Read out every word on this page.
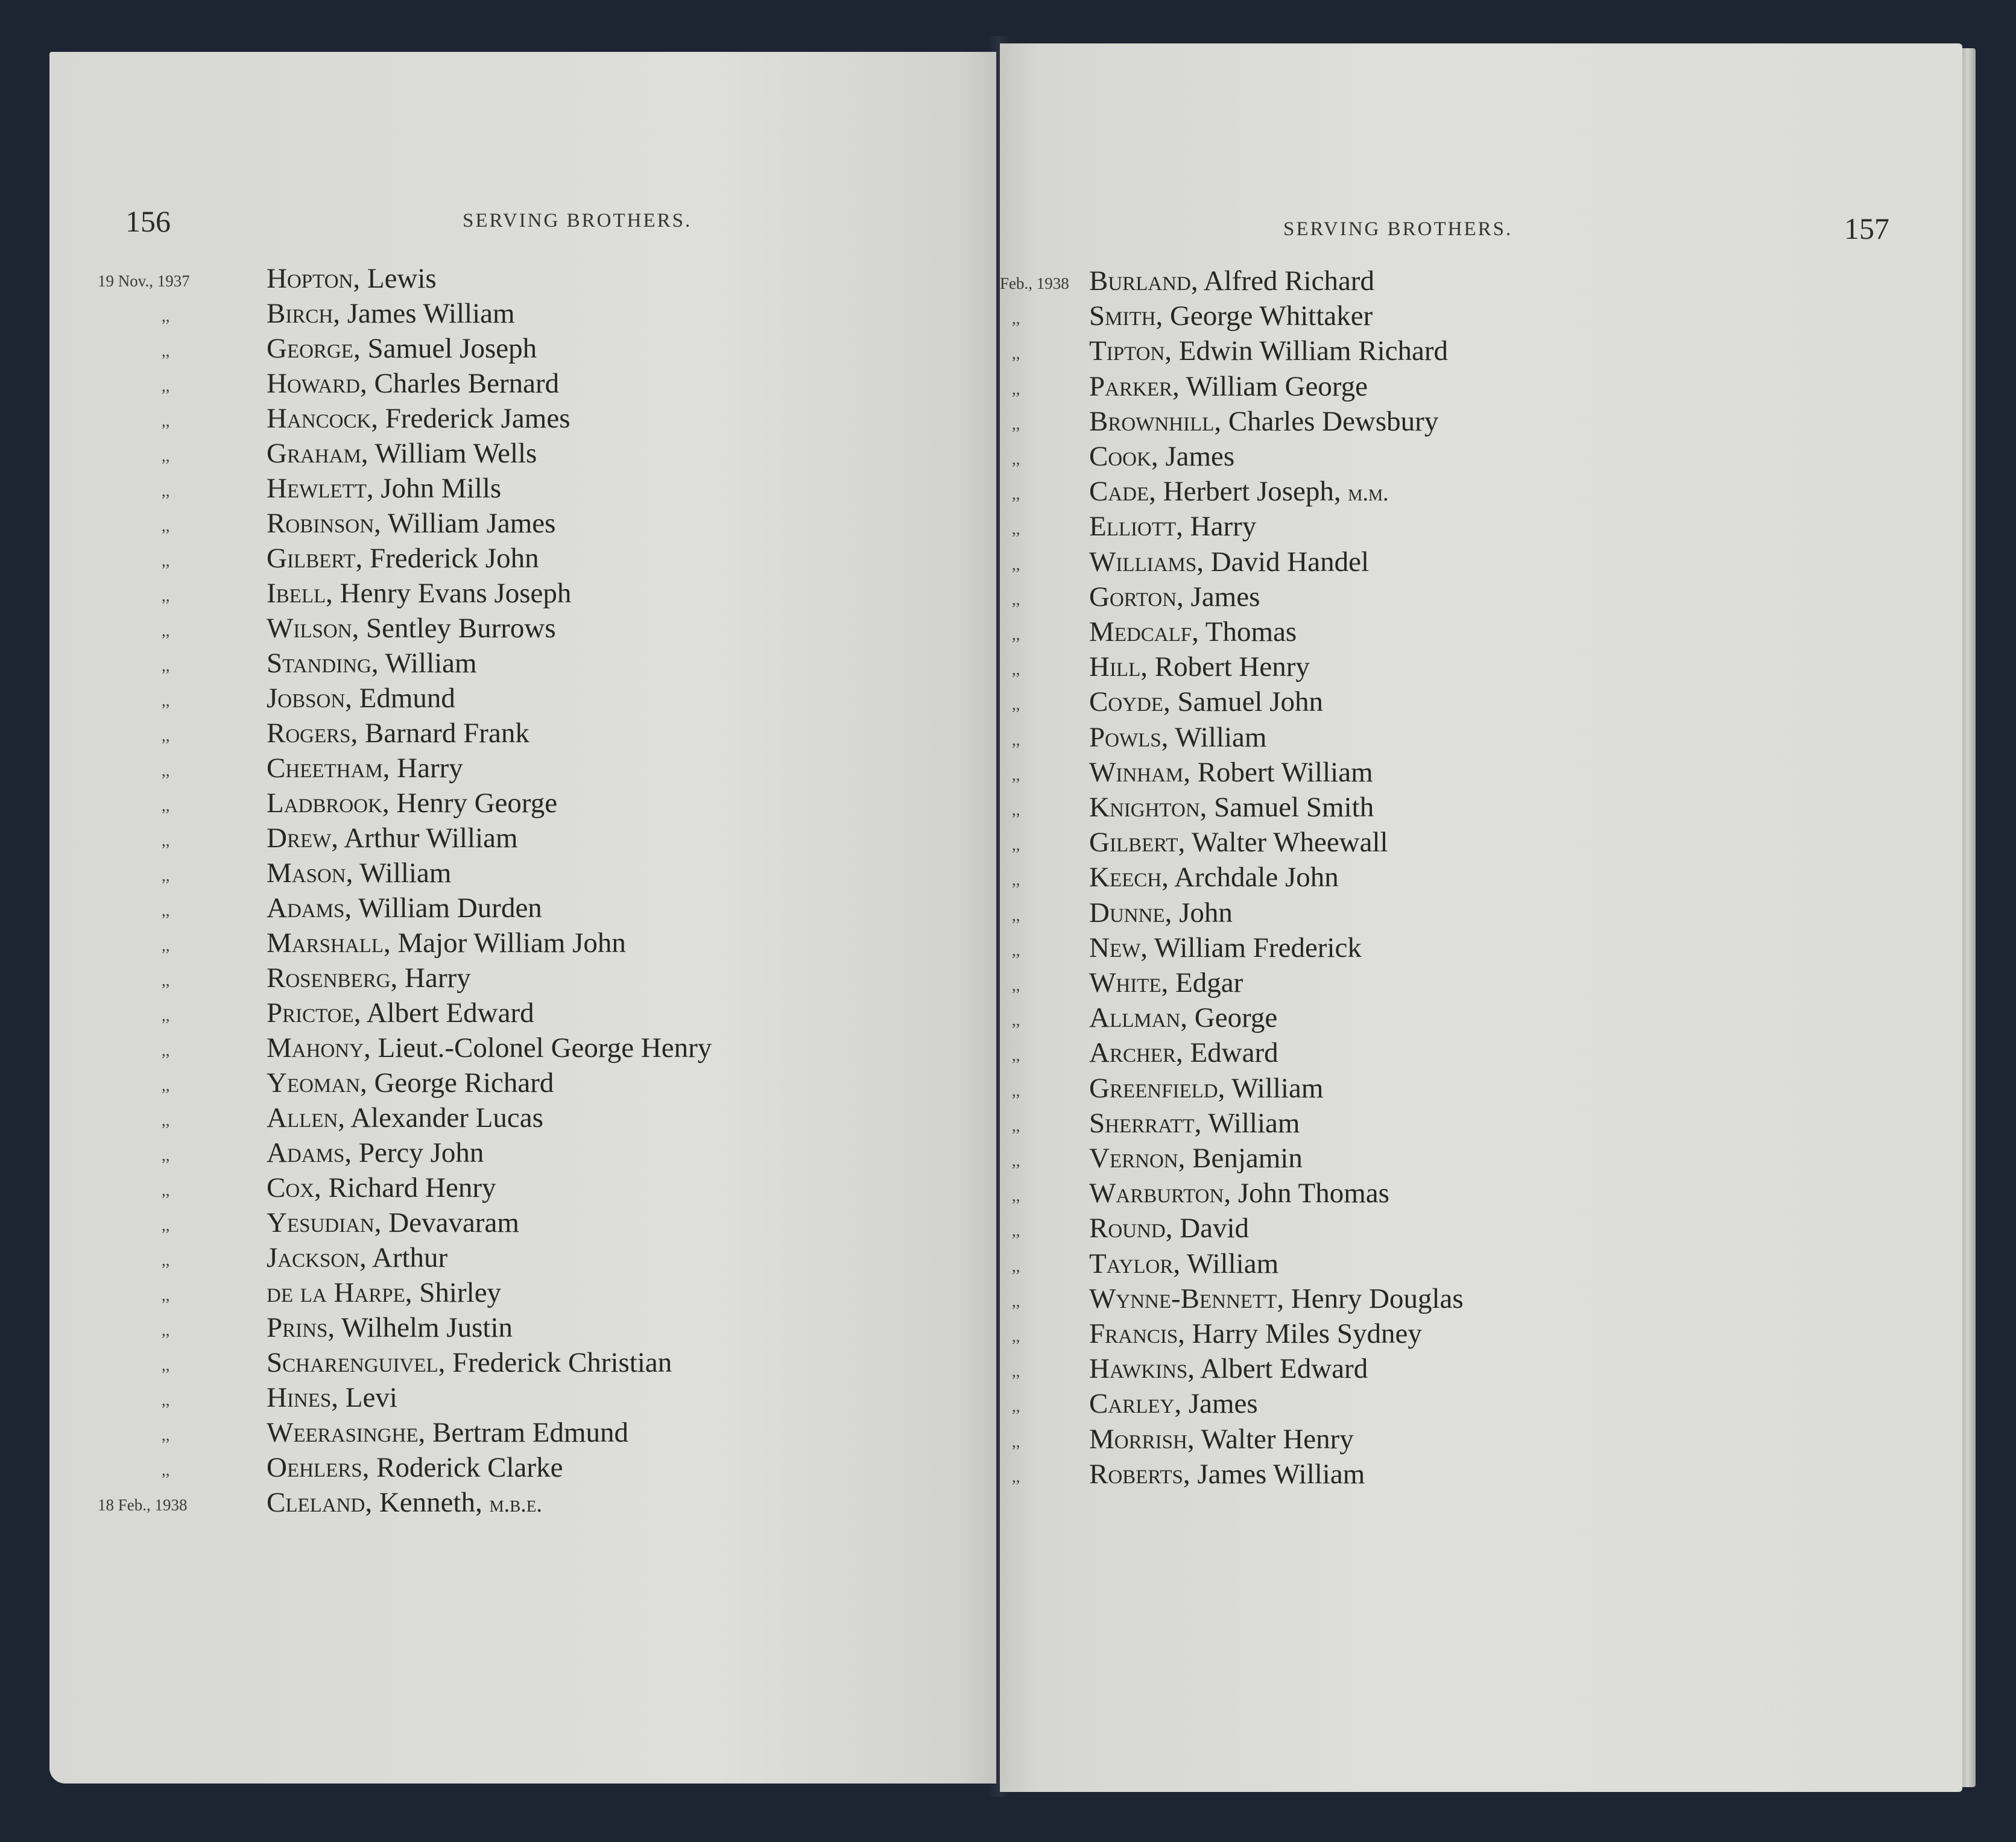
156	SERVING BROTHERS.
19 Nov., 1937	Hopton, Lewis
,,	Birch, James William
,,	George, Samuel Joseph
,,	Howard, Charles Bernard
,,	Hancock, Frederick James
,,	Graham, William Wells
,,	Hewlett, John Mills
,,	Robinson, William James
,,	Gilbert, Frederick John
,,	Ibell, Henry Evans Joseph
,,	Wilson, Sentley Burrows
,,	Standing, William
,,	Jobson, Edmund
,,	Rogers, Barnard Frank
,,	Cheetham, Harry
,,	Ladbrook, Henry George
,,	Drew, Arthur William
,,	Mason, William
,,	Adams, William Durden
,,	Marshall, Major William John
,,	Rosenberg, Harry
,,	Prictoe, Albert Edward
,,	Mahony, Lieut.-Colonel George Henry
,,	Yeoman, George Richard
,,	Allen, Alexander Lucas
,,	Adams, Percy John
,,	Cox, Richard Henry
,,	Yesudian, Devavaram
,,	Jackson, Arthur
,,	de la Harpe, Shirley
,,	Prins, Wilhelm Justin
,,	Scharenguivel, Frederick Christian
,,	Hines, Levi
,,	Weerasinghe, Bertram Edmund
,,	Oehlers, Roderick Clarke
18 Feb., 1938	Cleland, Kenneth, m.b.e.
SERVING BROTHERS.	157
Feb., 1938 Burland, Alfred Richard
,, Smith, George Whittaker
,, Tipton, Edwin William Richard
,, Parker, William George
,, Brownhill, Charles Dewsbury
,, Cook, James
,, Cade, Herbert Joseph, m.m.
,, Elliott, Harry
,, Williams, David Handel
,, Gorton, James
,, Medcalf, Thomas
,, Hill, Robert Henry
,, Coyde, Samuel John
,, Powls, William
,, Winham, Robert William
,, Knighton, Samuel Smith
,, Gilbert, Walter Wheewall
,, Keech, Archdale John
,, Dunne, John
,, New, William Frederick
,, White, Edgar
,, Allman, George
,, Archer, Edward
,, Greenfield, William
,, Sherratt, William
,, Vernon, Benjamin
,, Warburton, John Thomas
,, Round, David
,, Taylor, William
,, Wynne-Bennett, Henry Douglas
,, Francis, Harry Miles Sydney
,, Hawkins, Albert Edward
,, Carley, James
,, Morrish, Walter Henry
,, Roberts, James William
